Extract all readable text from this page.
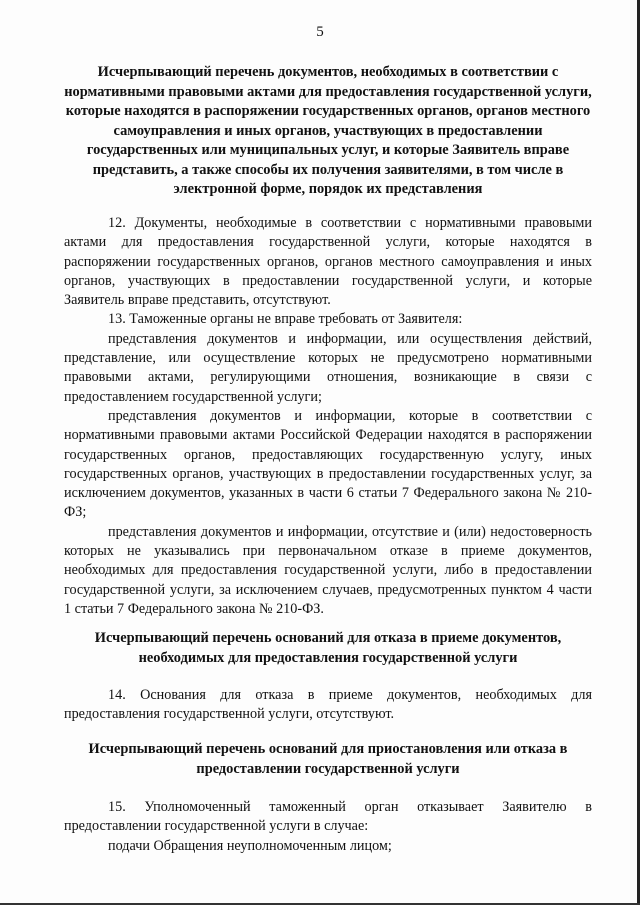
5
Исчерпывающий перечень документов, необходимых в соответствии с нормативными правовыми актами для предоставления государственной услуги, которые находятся в распоряжении государственных органов, органов местного самоуправления и иных органов, участвующих в предоставлении государственных или муниципальных услуг, и которые Заявитель вправе представить, а также способы их получения заявителями, в том числе в электронной форме, порядок их представления

12. Документы, необходимые в соответствии с нормативными правовыми актами для предоставления государственной услуги, которые находятся в распоряжении государственных органов, органов местного самоуправления и иных органов, участвующих в предоставлении государственной услуги, и которые Заявитель вправе представить, отсутствуют.

13. Таможенные органы не вправе требовать от Заявителя:

представления документов и информации, или осуществления действий, представление, или осуществление которых не предусмотрено нормативными правовыми актами, регулирующими отношения, возникающие в связи с предоставлением государственной услуги;

представления документов и информации, которые в соответствии с нормативными правовыми актами Российской Федерации находятся в распоряжении государственных органов, предоставляющих государственную услугу, иных государственных органов, участвующих в предоставлении государственных услуг, за исключением документов, указанных в части 6 статьи 7 Федерального закона № 210-ФЗ;

представления документов и информации, отсутствие и (или) недостоверность которых не указывались при первоначальном отказе в приеме документов, необходимых для предоставления государственной услуги, либо в предоставлении государственной услуги, за исключением случаев, предусмотренных пунктом 4 части 1 статьи 7 Федерального закона № 210-ФЗ.

Исчерпывающий перечень оснований для отказа в приеме документов, необходимых для предоставления государственной услуги

14. Основания для отказа в приеме документов, необходимых для предоставления государственной услуги, отсутствуют.

Исчерпывающий перечень оснований для приостановления или отказа в предоставлении государственной услуги

15. Уполномоченный таможенный орган отказывает Заявителю в предоставлении государственной услуги в случае:

подачи Обращения неуполномоченным лицом;
